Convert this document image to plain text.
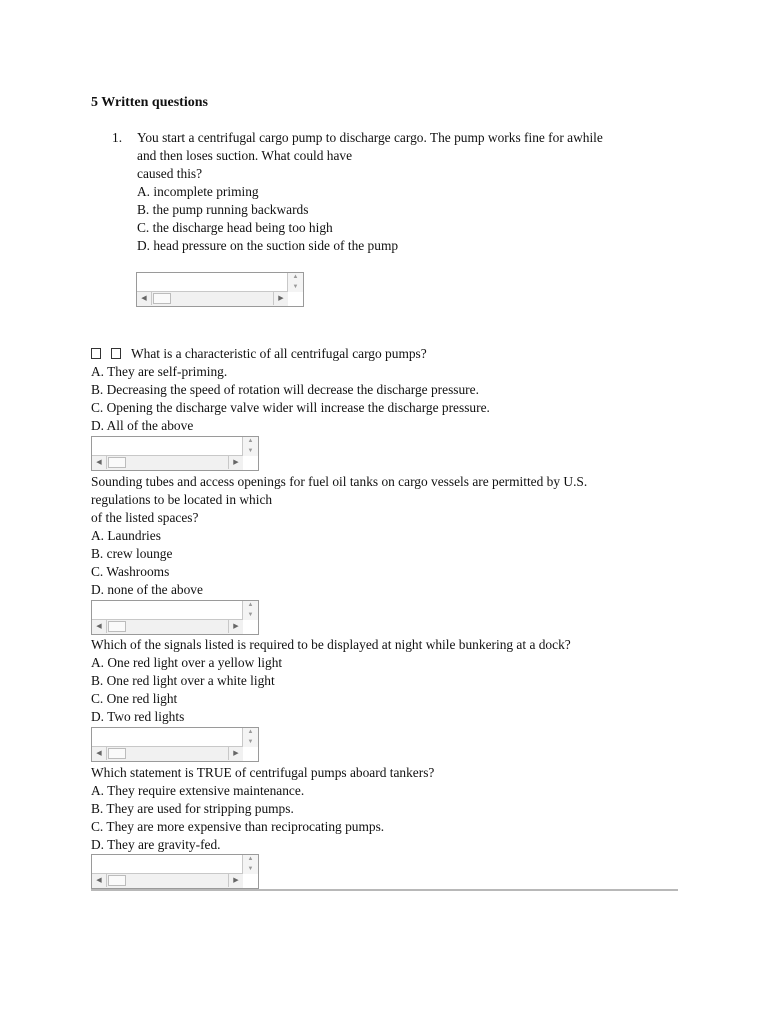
5 Written questions
1. You start a centrifugal cargo pump to discharge cargo. The pump works fine for awhile
and then loses suction. What could have
caused this?
A. incomplete priming
B. the pump running backwards
C. the discharge head being too high
D. head pressure on the suction side of the pump
▲
▼
◀	▶
What is a characteristic of all centrifugal cargo pumps?
A. They are self-priming.
B. Decreasing the speed of rotation will decrease the discharge pressure.
C. Opening the discharge valve wider will increase the discharge pressure.
D. All of the above
▲
▼
◀	▶
Sounding tubes and access openings for fuel oil tanks on cargo vessels are permitted by U.S.
regulations to be located in which
of the listed spaces?
A. Laundries
B. crew lounge
C. Washrooms
D. none of the above
▲
▼
◀	▶
Which of the signals listed is required to be displayed at night while bunkering at a dock?
A. One red light over a yellow light
B. One red light over a white light
C. One red light
D. Two red lights
▲
▼
◀	▶
Which statement is TRUE of centrifugal pumps aboard tankers?
A. They require extensive maintenance.
B. They are used for stripping pumps.
C. They are more expensive than reciprocating pumps.
D. They are gravity-fed.
▲
▼
◀	▶
